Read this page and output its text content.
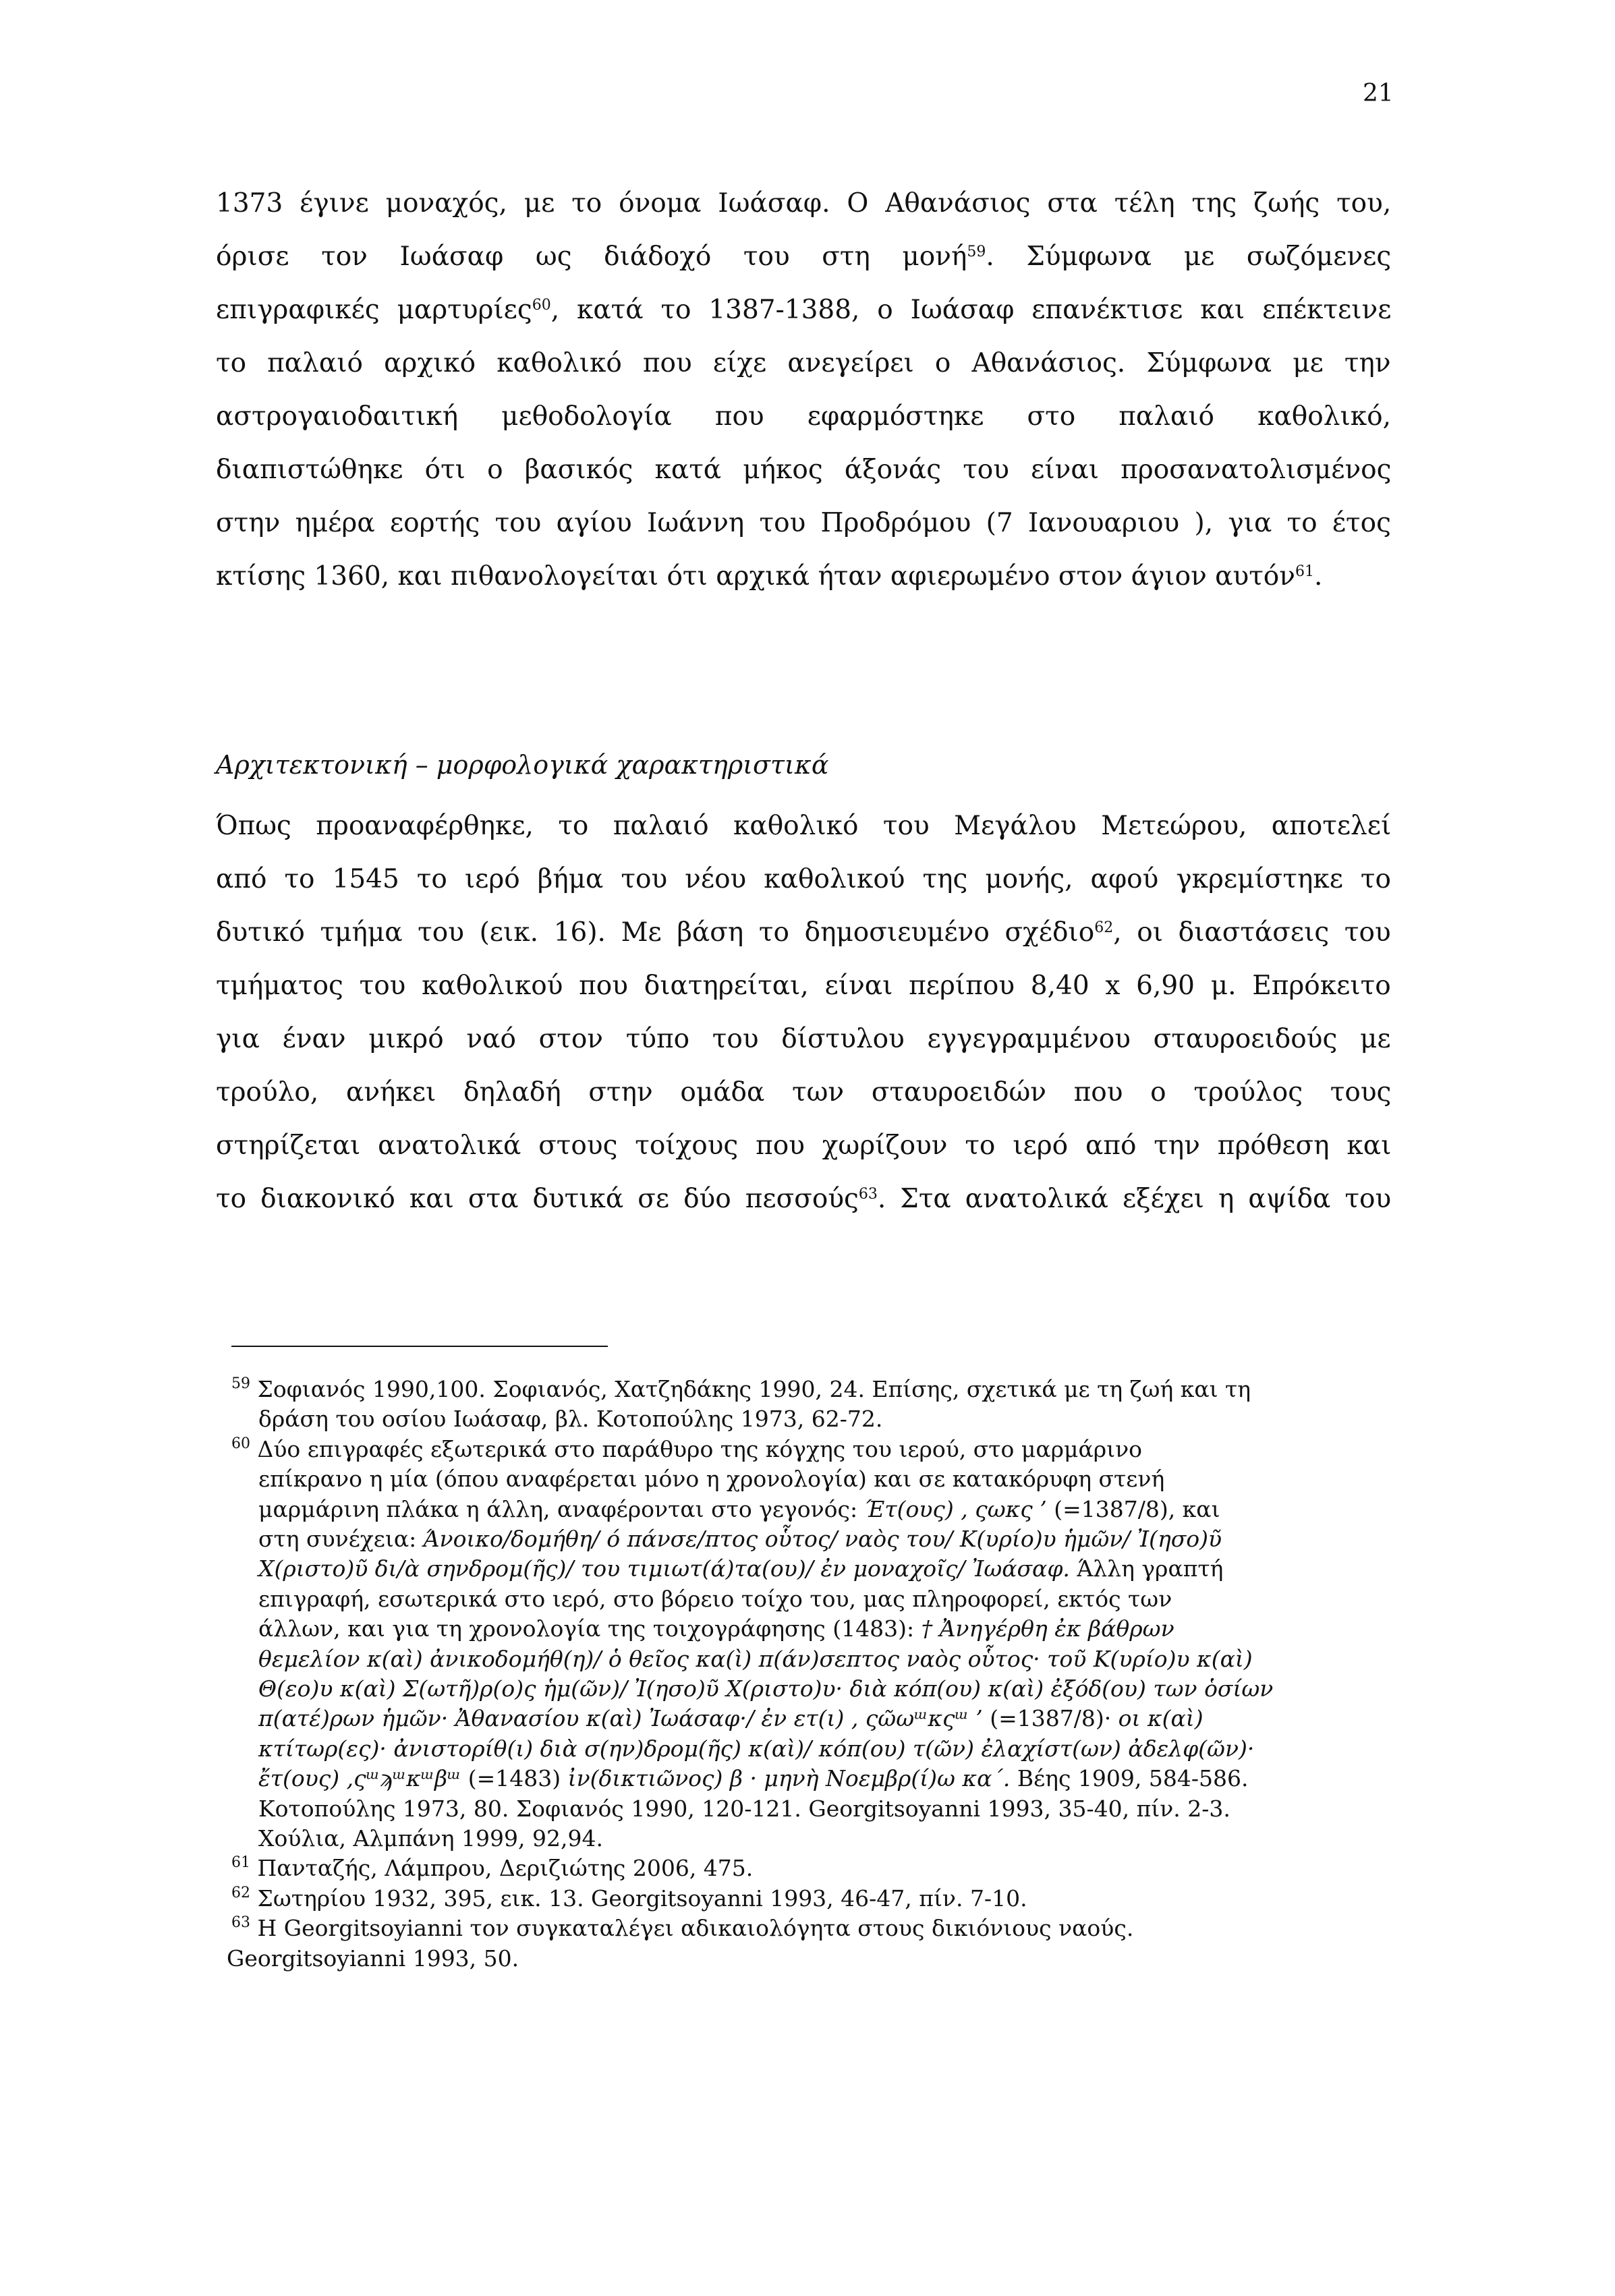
21
1373 έγινε μοναχός, με το όνομα Ιωάσαφ. Ο Αθανάσιος στα τέλη της ζωής του,
όρισε τον Ιωάσαφ ως διάδοχό του στη μονή$^{59}$. Σύμφωνα με σωζόμενες
επιγραφικές μαρτυρίες$^{60}$, κατά το 1387-1388, ο Ιωάσαφ επανέκτισε και επέκτεινε
το παλαιό αρχικό καθολικό που είχε ανεγείρει ο Αθανάσιος. Σύμφωνα με την
αστρογαιοδαιτική μεθοδολογία που εφαρμόστηκε στο παλαιό καθολικό,
διαπιστώθηκε ότι ο βασικός κατά μήκος άξονάς του είναι προσανατολισμένος
στην ημέρα εορτής του αγίου Ιωάννη του Προδρόμου (7 Ιανουαριου ), για το έτος
κτίσης 1360, και πιθανολογείται ότι αρχικά ήταν αφιερωμένο στον άγιον αυτόν$^{61}$.
Αρχιτεκτονική – μορφολογικά χαρακτηριστικά
Όπως προαναφέρθηκε, το παλαιό καθολικό του Μεγάλου Μετεώρου, αποτελεί
από το 1545 το ιερό βήμα του νέου καθολικού της μονής, αφού γκρεμίστηκε το
δυτικό τμήμα του (εικ. 16). Με βάση το δημοσιευμένο σχέδιο$^{62}$, οι διαστάσεις του
τμήματος του καθολικού που διατηρείται, είναι περίπου 8,40 x 6,90 μ. Επρόκειτο
για έναν μικρό ναό στον τύπο του δίστυλου εγγεγραμμένου σταυροειδούς με
τρούλο, ανήκει δηλαδή στην ομάδα των σταυροειδών που ο τρούλος τους
στηρίζεται ανατολικά στους τοίχους που χωρίζουν το ιερό από την πρόθεση και
το διακονικό και στα δυτικά σε δύο πεσσούς$^{63}$. Στα ανατολικά εξέχει η αψίδα του
$^{59}$ Σοφιανός 1990,100. Σοφιανός, Χατζηδάκης 1990, 24. Επίσης, σχετικά με τη ζωή και τη
δράση του οσίου Ιωάσαφ, βλ. Κοτοπούλης 1973, 62-72.
$^{60}$ Δύο επιγραφές εξωτερικά στο παράθυρο της κόγχης του ιερού, στο μαρμάρινο
επίκρανο η μία (όπου αναφέρεται μόνο η χρονολογία) και σε κατακόρυφη στενή
μαρμάρινη πλάκα η άλλη, αναφέρονται στο γεγονός: Έτ(ους) , ςωκς ’ (=1387/8), και
στη συνέχεια: Άνοικο/δομήθη/ ό πάνσε/πτος οὗτος/ ναὸς του/ Κ(υρίο)υ ἡμῶν/ Ἰ(ησο)ῦ
Χ(ριστο)ῦ δι/ὰ σηνδρομ(ῆς)/ του τιμιωτ(ά)τα(ου)/ ἐν μοναχοῖς/ Ἰωάσαφ. Άλλη γραπτή
επιγραφή, εσωτερικά στο ιερό, στο βόρειο τοίχο του, μας πληροφορεί, εκτός των
άλλων, και για τη χρονολογία της τοιχογράφησης (1483): † Ἀνηγέρθη ἐκ βάθρων
θεμελίον κ(αὶ) ἀνικοδομήθ(η)/ ὁ θεῖος κα(ὶ) π(άν)σεπτος ναὸς οὗτος· τοῦ Κ(υρίο)υ κ(αὶ)
Θ(εο)υ κ(αὶ) Σ(ωτῆ)ρ(ο)ς ἡμ(ῶν)/ Ἰ(ησο)ῦ Χ(ριστο)υ· διὰ κόπ(ου) κ(αὶ) ἐξόδ(ου) των ὁσίων
π(ατέ)ρων ἡμῶν· Ἀθανασίου κ(αὶ) Ἰωάσαφ·/ ἐν ετ(ι) , ςῶωᵚκςᵚ ’ (=1387/8)· οι κ(αὶ)
κτίτωρ(ες)· ἀνιστορίθ(ι) διὰ σ(ην)δρομ(ῆς) κ(αὶ)/ κόπ(ου) τ(ῶν) ἐλαχίστ(ων) ἀδελφ(ῶν)·
ἔτ(ους) ,ςᵚϡᵚκᵚβᵚ (=1483) ἰν(δικτιῶνος) β · μηνὴ Νοεμβρ(ί)ω κα΄. Βέης 1909, 584-586.
Κοτοπούλης 1973, 80. Σοφιανός 1990, 120-121. Georgitsoyanni 1993, 35-40, πίν. 2-3.
Χούλια, Αλμπάνη 1999, 92,94.
$^{61}$ Πανταζής, Λάμπρου, Δεριζιώτης 2006, 475.
$^{62}$ Σωτηρίου 1932, 395, εικ. 13. Georgitsoyanni 1993, 46-47, πίν. 7-10.
$^{63}$ Η Georgitsoyianni τον συγκαταλέγει αδικαιολόγητα στους δικιόνιους ναούς.
Georgitsoyianni 1993, 50.
